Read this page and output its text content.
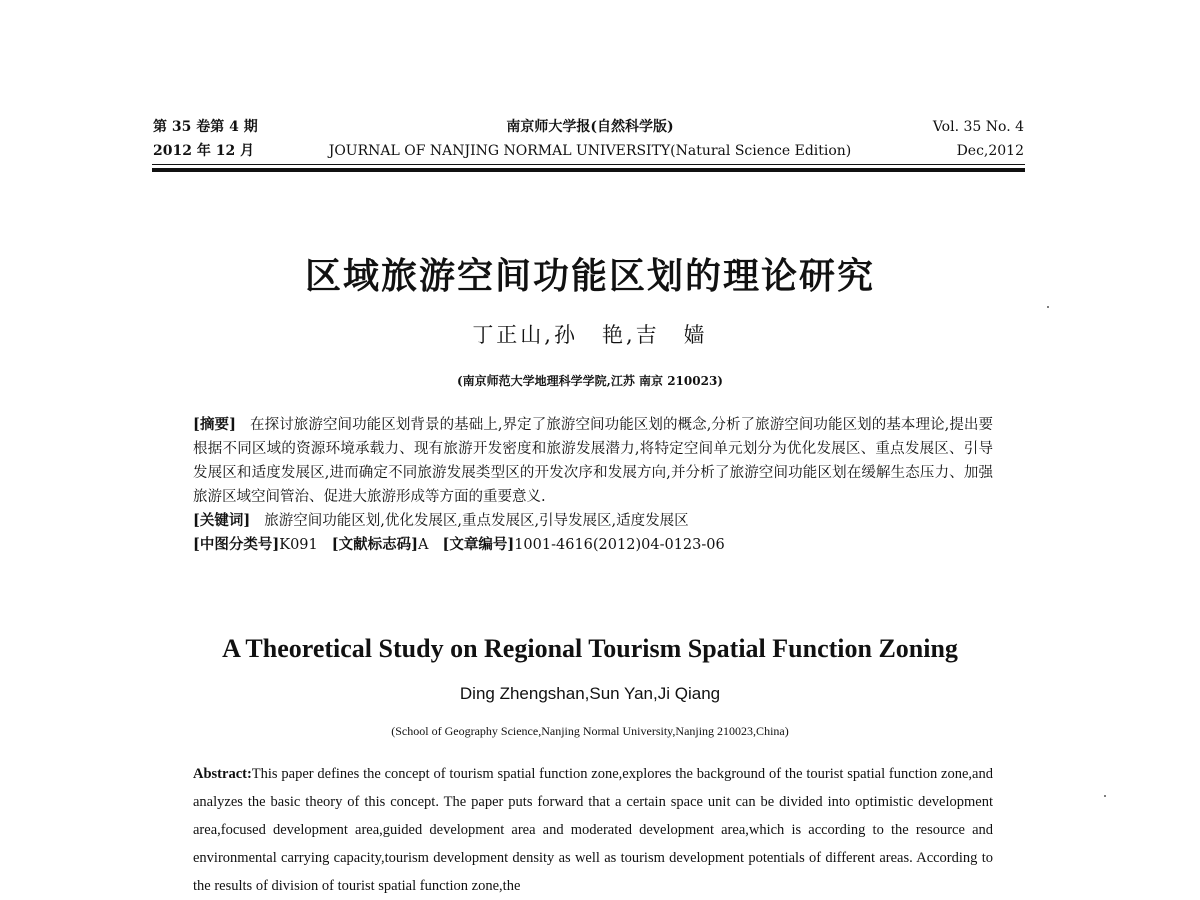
第 35 卷第 4 期
2012 年 12 月
南京师大学报(自然科学版)
JOURNAL OF NANJING NORMAL UNIVERSITY(Natural Science Edition)
Vol. 35 No. 4
Dec,2012
区域旅游空间功能区划的理论研究
丁正山,孙　艳,吉　嫱
(南京师范大学地理科学学院,江苏 南京 210023)

[摘要] 在探讨旅游空间功能区划背景的基础上,界定了旅游空间功能区划的概念,分析了旅游空间功能区划的基本理论,提出要根据不同区域的资源环境承载力、现有旅游开发密度和旅游发展潜力,将特定空间单元划分为优化发展区、重点发展区、引导发展区和适度发展区,进而确定不同旅游发展类型区的开发次序和发展方向,并分析了旅游空间功能区划在缓解生态压力、加强旅游区域空间管治、促进大旅游形成等方面的重要意义.

[关键词] 旅游空间功能区划,优化发展区,重点发展区,引导发展区,适度发展区

[中图分类号]K091 [文献标志码]A [文章编号]1001-4616(2012)04-0123-06

A Theoretical Study on Regional Tourism Spatial Function Zoning
Ding Zhengshan,Sun Yan,Ji Qiang
(School of Geography Science,Nanjing Normal University,Nanjing 210023,China)
Abstract:This paper defines the concept of tourism spatial function zone,explores the background of the tourist spatial function zone,and analyzes the basic theory of this concept. The paper puts forward that a certain space unit can be divided into optimistic development area,focused development area,guided development area and moderated development area,which is according to the resource and environmental carrying capacity,tourism development density as well as tourism development potentials of different areas. According to the results of division of tourist spatial function zone,the
